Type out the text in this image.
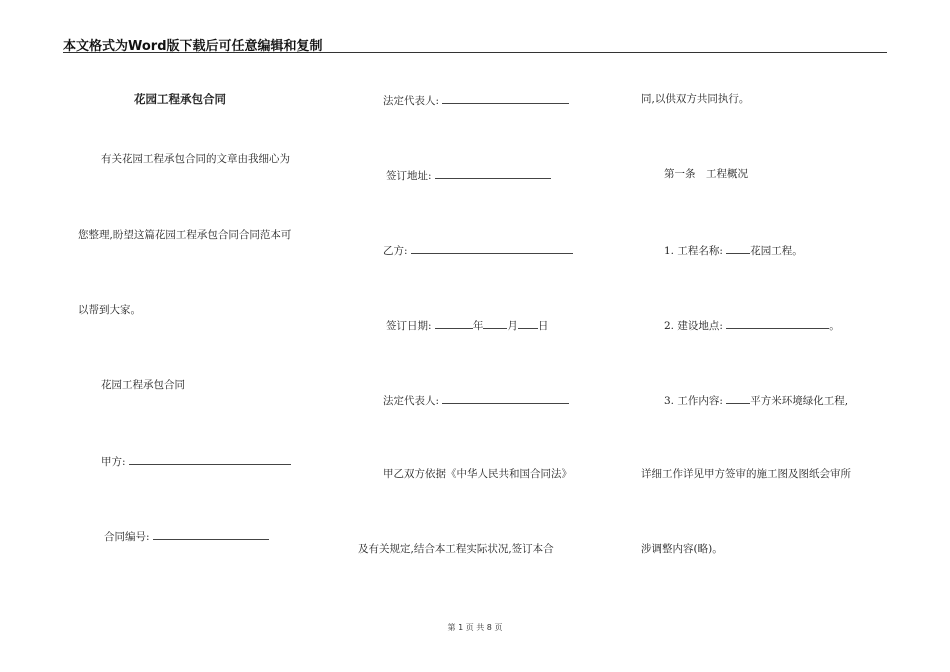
本文格式为Word版下载后可任意编辑和复制
花园工程承包合同
有关花园工程承包合同的文章由我细心为
您整理,盼望这篇花园工程承包合同合同范本可
以帮到大家。
花园工程承包合同
甲方:
合同编号:
法定代表人:
签订地址:
乙方:
签订日期:	年 月 日
法定代表人:
甲乙双方依据《中华人民共和国合同法》
及有关规定,结合本工程实际状况,签订本合
同,以供双方共同执行。
第一条　工程概况
1. 工程名称:	花园工程。
2. 建设地点:	。
3. 工作内容:	平方米环境绿化工程,
详细工作详见甲方签审的施工图及图纸会审所
涉调整内容(略)。
第 1 页 共 8 页
